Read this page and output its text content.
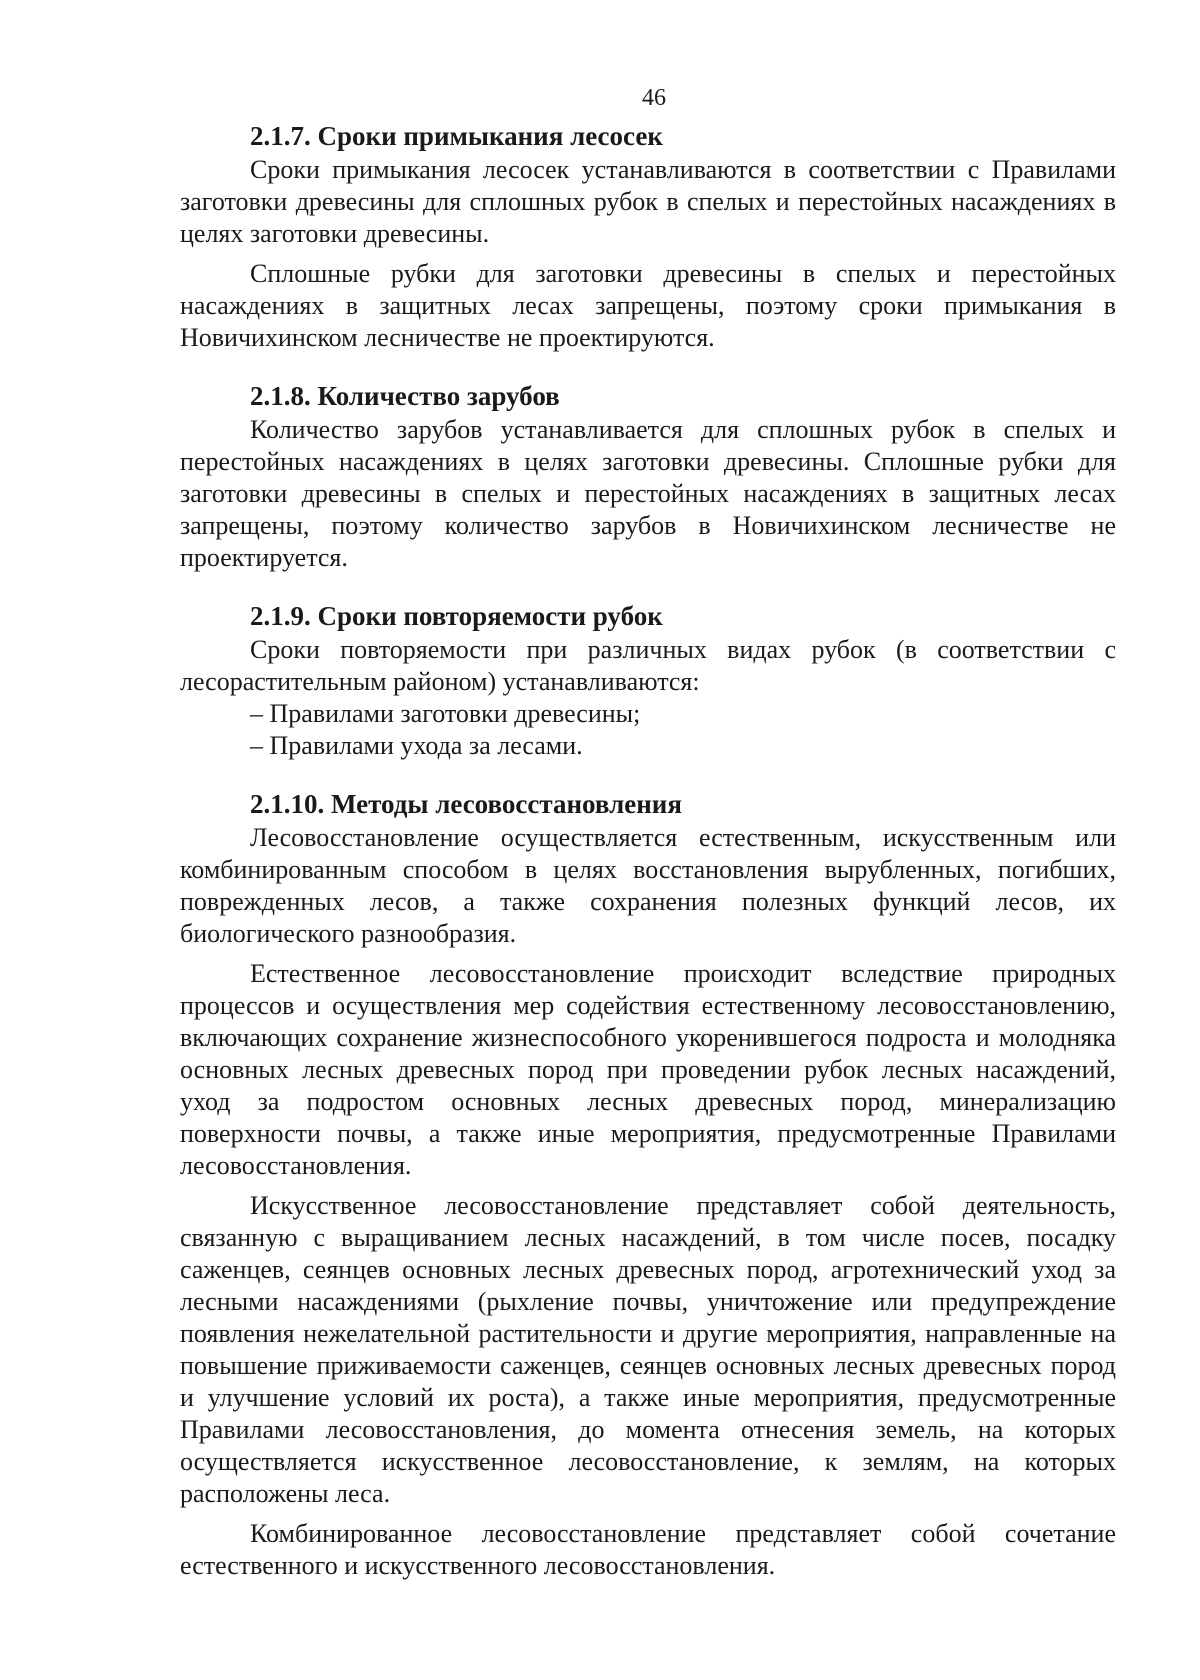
46
2.1.7. Сроки примыкания лесосек

Сроки примыкания лесосек устанавливаются в соответствии с Правилами заготовки древесины для сплошных рубок в спелых и перестойных насаждениях в целях заготовки древесины.

Сплошные рубки для заготовки древесины в спелых и перестойных насаждениях в защитных лесах запрещены, поэтому сроки примыкания в Новичихинском лесничестве не проектируются.

2.1.8. Количество зарубов

Количество зарубов устанавливается для сплошных рубок в спелых и перестойных насаждениях в целях заготовки древесины. Сплошные рубки для заготовки древесины в спелых и перестойных насаждениях в защитных лесах запрещены, поэтому количество зарубов в Новичихинском лесничестве не проектируется.

2.1.9. Сроки повторяемости рубок

Сроки повторяемости при различных видах рубок (в соответствии с лесорастительным районом) устанавливаются:

– Правилами заготовки древесины;
– Правилами ухода за лесами.
2.1.10. Методы лесовосстановления

Лесовосстановление осуществляется естественным, искусственным или комбинированным способом в целях восстановления вырубленных, погибших, поврежденных лесов, а также сохранения полезных функций лесов, их биологического разнообразия.

Естественное лесовосстановление происходит вследствие природных процессов и осуществления мер содействия естественному лесовосстановлению, включающих сохранение жизнеспособного укоренившегося подроста и молодняка основных лесных древесных пород при проведении рубок лесных насаждений, уход за подростом основных лесных древесных пород, минерализацию поверхности почвы, а также иные мероприятия, предусмотренные Правилами лесовосстановления.

Искусственное лесовосстановление представляет собой деятельность, связанную с выращиванием лесных насаждений, в том числе посев, посадку саженцев, сеянцев основных лесных древесных пород, агротехнический уход за лесными насаждениями (рыхление почвы, уничтожение или предупреждение появления нежелательной растительности и другие мероприятия, направленные на повышение приживаемости саженцев, сеянцев основных лесных древесных пород и улучшение условий их роста), а также иные мероприятия, предусмотренные Правилами лесовосстановления, до момента отнесения земель, на которых осуществляется искусственное лесовосстановление, к землям, на которых расположены леса.

Комбинированное лесовосстановление представляет собой сочетание естественного и искусственного лесовосстановления.
